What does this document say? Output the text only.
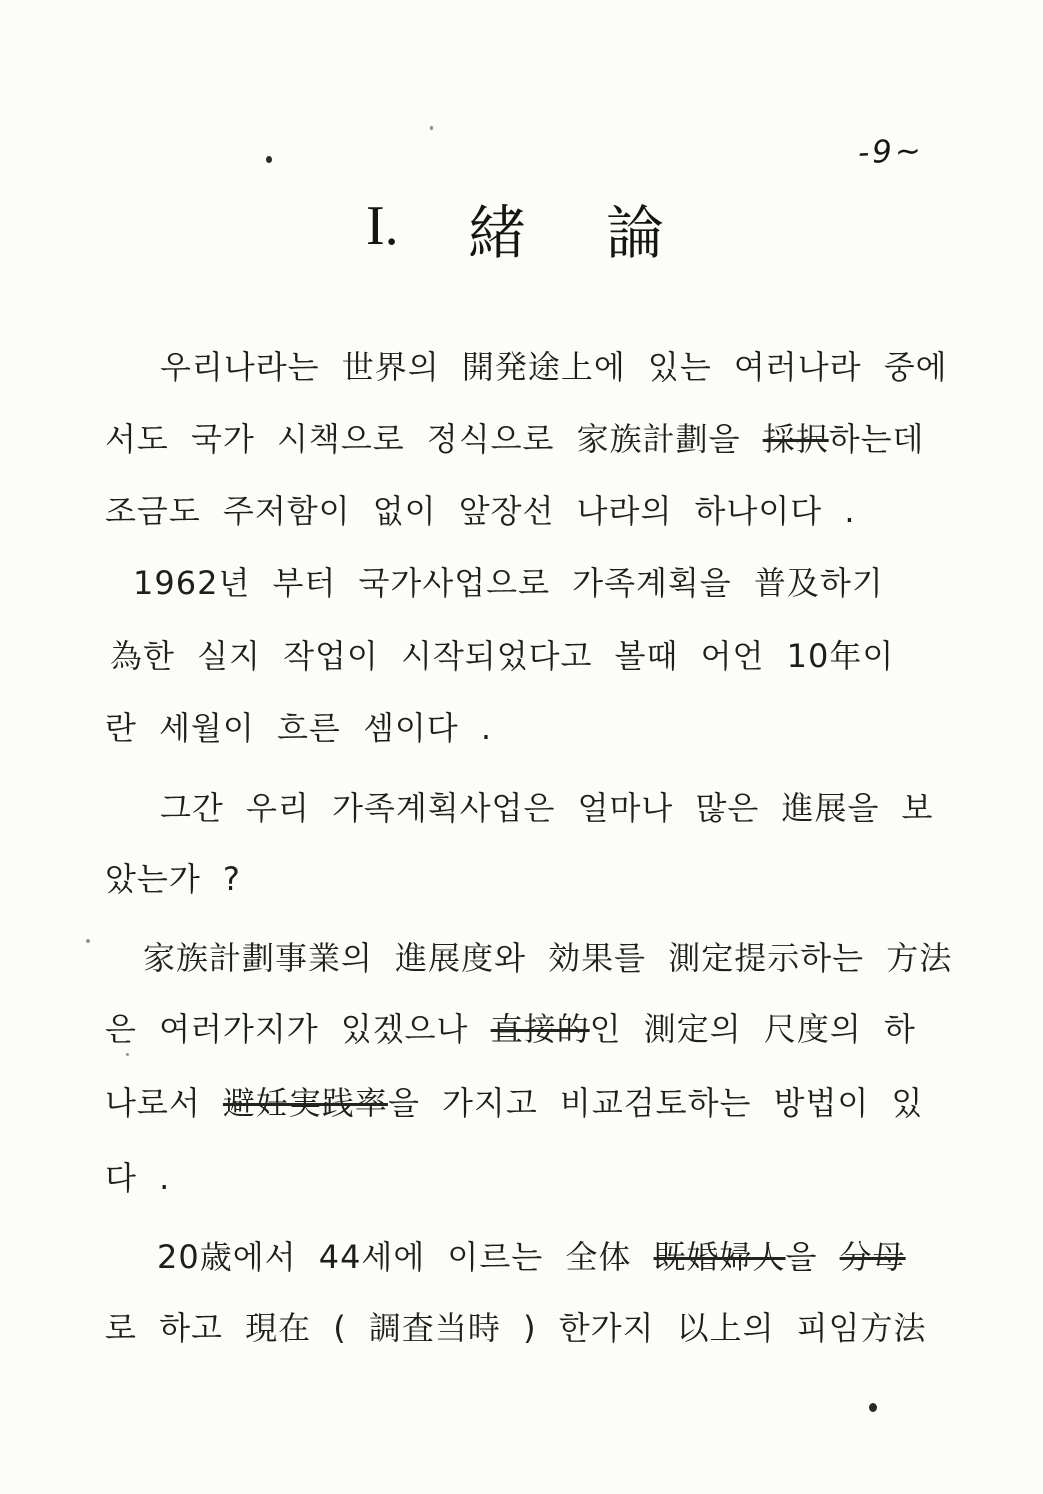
-9~
I. 緒 論
우리나라는 世界의 開発途上에 있는 여러나라 중에
서도 국가 시책으로 정식으로 家族計劃을 採択하는데
조금도 주저함이 없이 앞장선 나라의 하나이다 .
1962년 부터 국가사업으로 가족계획을 普及하기
為한 실지 작업이 시작되었다고 볼때 어언 10年이
란 세월이 흐른 셈이다 .
그간 우리 가족계획사업은 얼마나 많은 進展을 보
았는가 ?
家族計劃事業의 進展度와 効果를 測定提示하는 方法
은 여러가지가 있겠으나 直接的인 測定의 尺度의 하
나로서 避妊実践率을 가지고 비교검토하는 방법이 있
다 .
20歳에서 44세에 이르는 全体 既婚婦人을 分母
로 하고 現在 ( 調査当時 ) 한가지 以上의 피임方法
